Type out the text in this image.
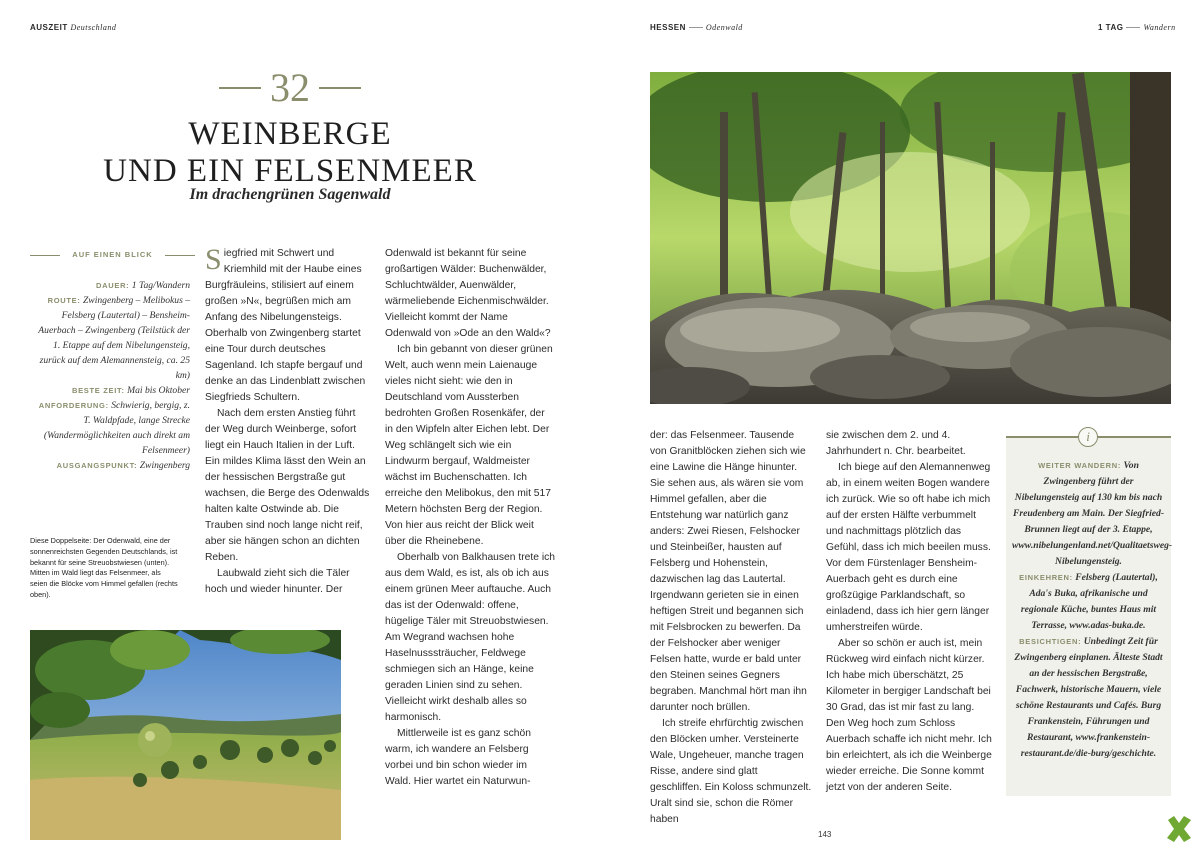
AUSZEIT Deutschland	HESSEN	Odenwald	1 TAG	Wandern
32
WEINBERGE
UND EIN FELSENMEER
Im drachengrünen Sagenwald
AUF EINEN BLICK
DAUER: 1 Tag/Wandern
ROUTE: Zwingenberg – Melibokus – Felsberg (Lautertal) – Bensheim-Auerbach – Zwingenberg (Teilstück der 1. Etappe auf dem Nibelungensteig, zurück auf dem Alemannensteig, ca. 25 km)
BESTE ZEIT: Mai bis Oktober
ANFORDERUNG: Schwierig, bergig, z. T. Waldpfade, lange Strecke (Wandermöglichkeiten auch direkt am Felsenmeer)
AUSGANGSPUNKT: Zwingenberg
Diese Doppelseite: Der Odenwald, eine der sonnenreichsten Gegenden Deutschlands, ist bekannt für seine Streuobstwiesen (unten). Mitten im Wald liegt das Felsenmeer, als seien die Blöcke vom Himmel gefallen (rechts oben).

Siegfried mit Schwert und Kriemhild mit der Haube eines Burgfräuleins, stilisiert auf einem großen »N«, begrüßen mich am Anfang des Nibelungensteigs. Oberhalb von Zwingenberg startet eine Tour durch deutsches Sagenland. Ich stapfe bergauf und denke an das Lindenblatt zwischen Siegfrieds Schultern.

Nach dem ersten Anstieg führt der Weg durch Weinberge, sofort liegt ein Hauch Italien in der Luft. Ein mildes Klima lässt den Wein an der hessischen Bergstraße gut wachsen, die Berge des Odenwalds halten kalte Ostwinde ab. Die Trauben sind noch lange nicht reif, aber sie hängen schon an dichten Reben.

Laubwald zieht sich die Täler hoch und wieder hinunter. Der

Odenwald ist bekannt für seine großartigen Wälder: Buchenwälder, Schluchtwälder, Auenwälder, wärmeliebende Eichenmischwälder. Vielleicht kommt der Name Odenwald von »Ode an den Wald«?

Ich bin gebannt von dieser grünen Welt, auch wenn mein Laienauge vieles nicht sieht: wie den in Deutschland vom Aussterben bedrohten Großen Rosenkäfer, der in den Wipfeln alter Eichen lebt. Der Weg schlängelt sich wie ein Lindwurm bergauf, Waldmeister wächst im Buchenschatten. Ich erreiche den Melibokus, den mit 517 Metern höchsten Berg der Region. Von hier aus reicht der Blick weit über die Rheinebene.

Oberhalb von Balkhausen trete ich aus dem Wald, es ist, als ob ich aus einem grünen Meer auftauche. Auch das ist der Odenwald: offene, hügelige Täler mit Streuobstwiesen. Am Wegrand wachsen hohe Haselnusssträucher, Feldwege schmiegen sich an Hänge, keine geraden Linien sind zu sehen. Vielleicht wirkt deshalb alles so harmonisch.

Mittlerweile ist es ganz schön warm, ich wandere an Felsberg vorbei und bin schon wieder im Wald. Hier wartet ein Naturwun-

der: das Felsenmeer. Tausende von Granitblöcken ziehen sich wie eine Lawine die Hänge hinunter. Sie sehen aus, als wären sie vom Himmel gefallen, aber die Entstehung war natürlich ganz anders: Zwei Riesen, Felshocker und Steinbeißer, hausten auf Felsberg und Hohenstein, dazwischen lag das Lautertal. Irgendwann gerieten sie in einen heftigen Streit und begannen sich mit Felsbrocken zu bewerfen. Da der Felshocker aber weniger Felsen hatte, wurde er bald unter den Steinen seines Gegners begraben. Manchmal hört man ihn darunter noch brüllen.

Ich streife ehrfürchtig zwischen den Blöcken umher. Versteinerte Wale, Ungeheuer, manche tragen Risse, andere sind glatt geschliffen. Ein Koloss schmunzelt. Uralt sind sie, schon die Römer haben

sie zwischen dem 2. und 4. Jahrhundert n. Chr. bearbeitet.

Ich biege auf den Alemannenweg ab, in einem weiten Bogen wandere ich zurück. Wie so oft habe ich mich auf der ersten Hälfte verbummelt und nachmittags plötzlich das Gefühl, dass ich mich beeilen muss. Vor dem Fürstenlager Bensheim-Auerbach geht es durch eine großzügige Parklandschaft, so einladend, dass ich hier gern länger umherstreifen würde.

Aber so schön er auch ist, mein Rückweg wird einfach nicht kürzer. Ich habe mich überschätzt, 25 Kilometer in bergiger Landschaft bei 30 Grad, das ist mir fast zu lang. Den Weg hoch zum Schloss Auerbach schaffe ich nicht mehr. Ich bin erleichtert, als ich die Weinberge wieder erreiche. Die Sonne kommt jetzt von der anderen Seite.

i
WEITER WANDERN: Von Zwingenberg führt der Nibelungensteig auf 130 km bis nach Freudenberg am Main. Der Siegfried-Brunnen liegt auf der 3. Etappe, www.nibelungenland.net/Qualitaetsweg-Nibelungensteig.
EINKEHREN: Felsberg (Lautertal), Ada's Buka, afrikanische und regionale Küche, buntes Haus mit Terrasse, www.adas-buka.de.
BESICHTIGEN: Unbedingt Zeit für Zwingenberg einplanen. Älteste Stadt an der hessischen Bergstraße, Fachwerk, historische Mauern, viele schöne Restaurants und Cafés. Burg Frankenstein, Führungen und Restaurant, www.frankenstein-restaurant.de/die-burg/geschichte.
143
